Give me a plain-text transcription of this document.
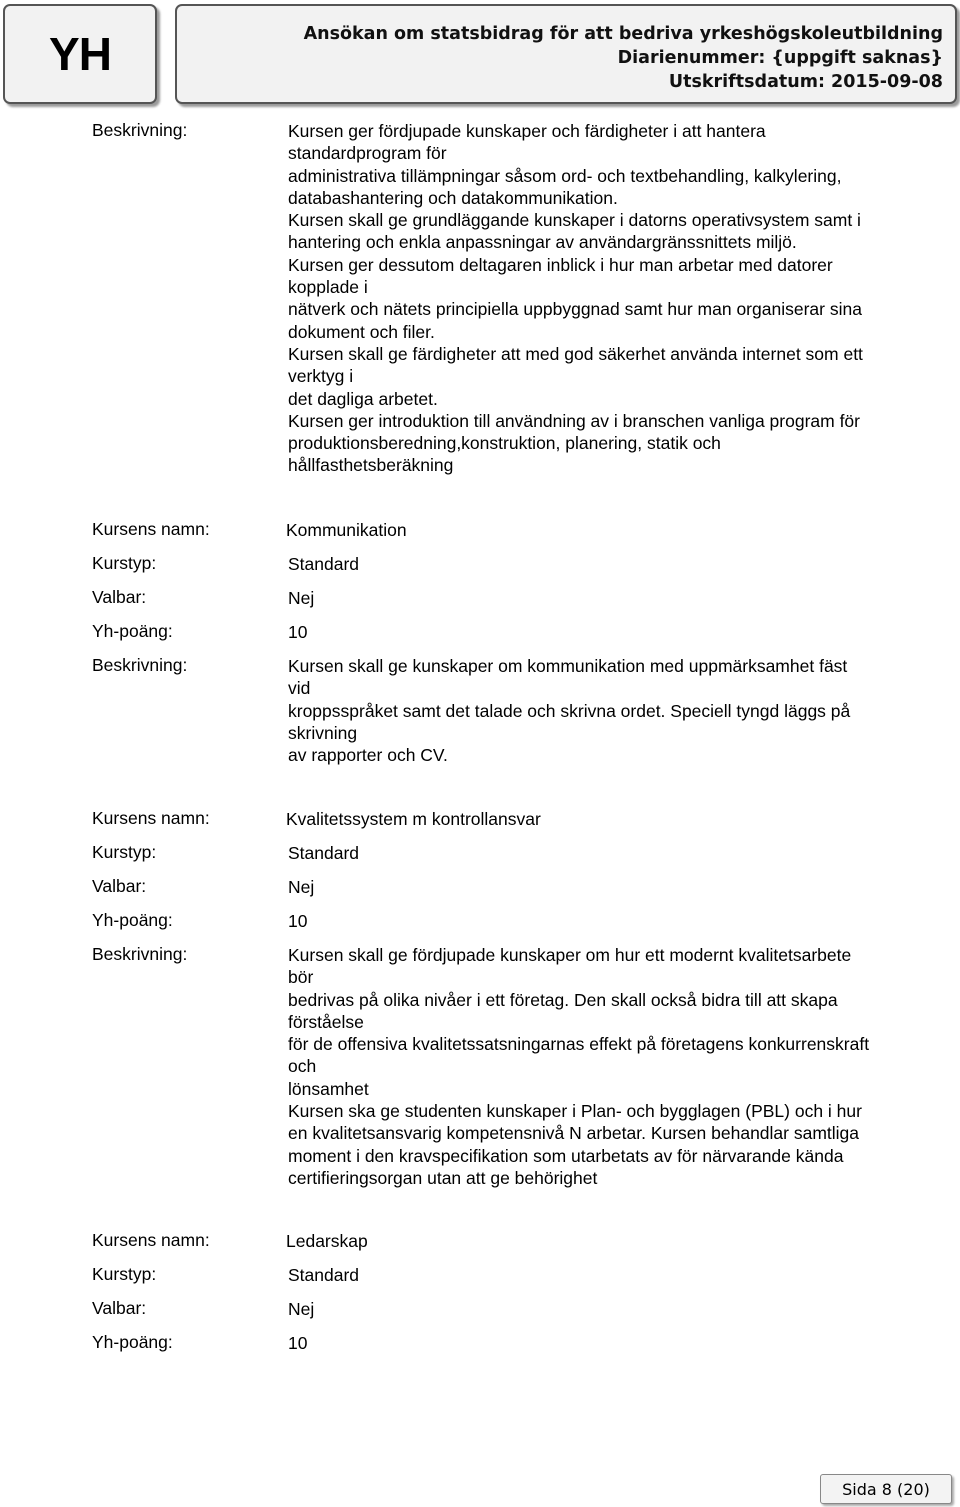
YH	Ansökan om statsbidrag för att bedriva yrkeshögskoleutbildning
Diarienummer: {uppgift saknas}
Utskriftsdatum: 2015-09-08
Beskrivning:	Kursen ger fördjupade kunskaper och färdigheter i att hantera

standardprogram för

administrativa tillämpningar såsom ord- och textbehandling, kalkylering,

databashantering och datakommunikation.

Kursen skall ge grundläggande kunskaper i datorns operativsystem samt i

hantering och enkla anpassningar av användargränssnittets miljö.

Kursen ger dessutom deltagaren inblick i hur man arbetar med datorer

kopplade i

nätverk och nätets principiella uppbyggnad samt hur man organiserar sina

dokument och filer.

Kursen skall ge färdigheter att med god säkerhet använda internet som ett

verktyg i

det dagliga arbetet.

Kursen ger introduktion till användning av i branschen vanliga program för

produktionsberedning,konstruktion, planering, statik och

hållfasthetsberäkning

Kursens namn:	Kommunikation
Kurstyp:	Standard
Valbar:	Nej
Yh-poäng:	10
Beskrivning:	Kursen skall ge kunskaper om kommunikation med uppmärksamhet fäst

vid

kroppsspråket samt det talade och skrivna ordet. Speciell tyngd läggs på

skrivning

av rapporter och CV.

Kursens namn:	Kvalitetssystem m kontrollansvar
Kurstyp:	Standard
Valbar:	Nej
Yh-poäng:	10
Beskrivning:	Kursen skall ge fördjupade kunskaper om hur ett modernt kvalitetsarbete

bör

bedrivas på olika nivåer i ett företag. Den skall också bidra till att skapa

förståelse

för de offensiva kvalitetssatsningarnas effekt på företagens konkurrenskraft

och

lönsamhet

Kursen ska ge studenten kunskaper i Plan- och bygglagen (PBL) och i hur

en kvalitetsansvarig kompetensnivå N arbetar. Kursen behandlar samtliga

moment i den kravspecifikation som utarbetats av för närvarande kända

certifieringsorgan utan att ge behörighet

Kursens namn:	Ledarskap
Kurstyp:	Standard
Valbar:	Nej
Yh-poäng:	10
Sida 8 (20)
